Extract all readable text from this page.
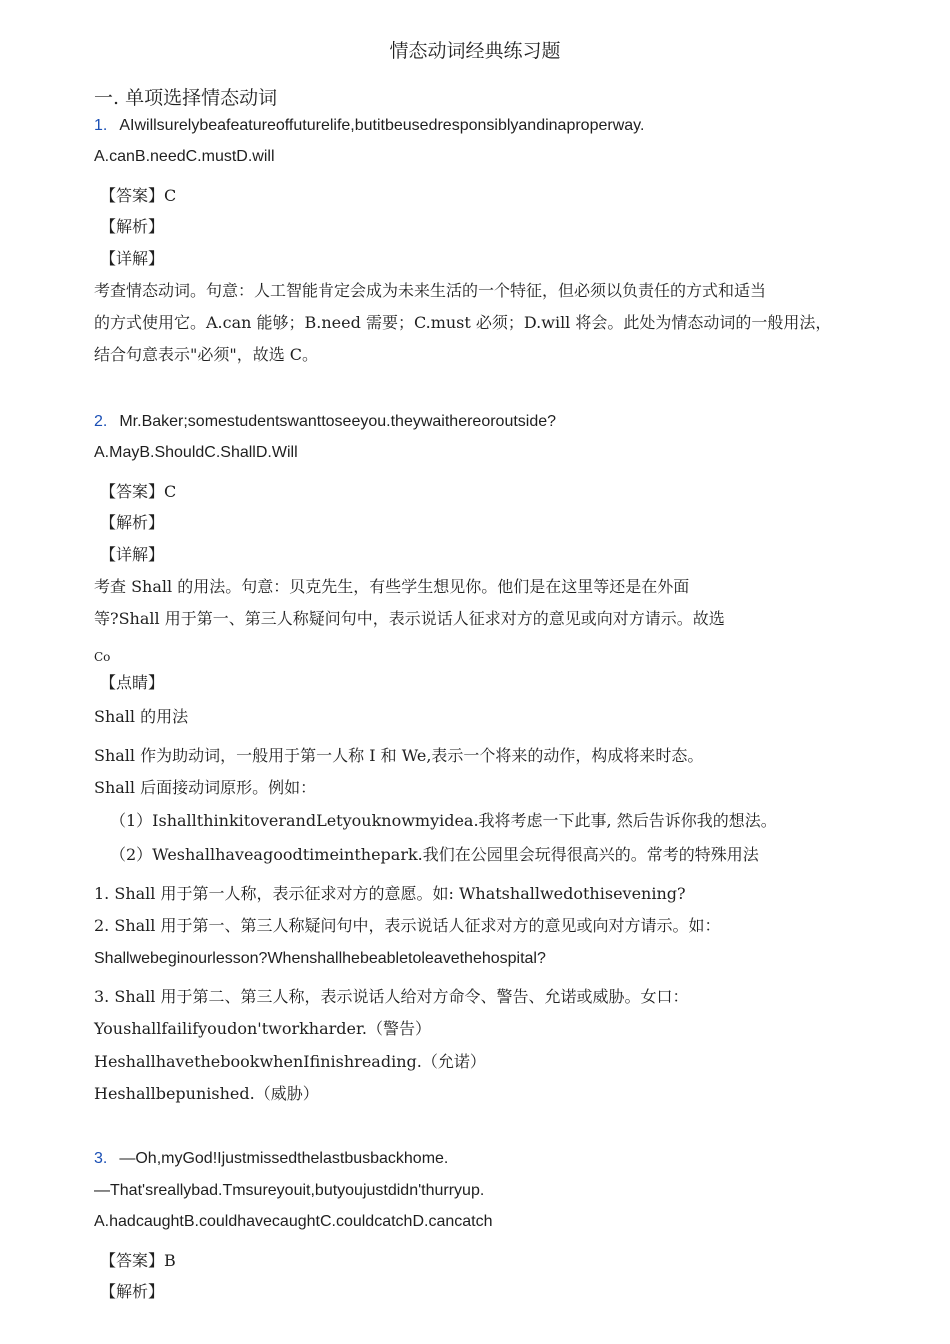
情态动词经典练习题
一. 单项选择情态动词
1. AIwillsurelybeafeatureoffuturelife,butitbeusedresponsiblyandinaproperway.
A.canB.needC.mustD.will
【答案】C
【解析】
【详解】
考查情态动词。句意：人工智能肯定会成为未来生活的一个特征，但必须以负责任的方式和适当
的方式使用它。A.can 能够；B.need 需要；C.must 必须；D.will 将会。此处为情态动词的一般用法，
结合句意表示"必须"，故选 C。
2. Mr.Baker;somestudentswanttoseeyou.theywaithereoroutside?
A.MayB.ShouldC.ShallD.Will
【答案】C
【解析】
【详解】
考查 Shall 的用法。句意：贝克先生，有些学生想见你。他们是在这里等还是在外面
等?Shall 用于第一、第三人称疑问句中，表示说话人征求对方的意见或向对方请示。故选
Co
【点睛】
Shall 的用法
Shall 作为助动词，一般用于第一人称 I 和 We,表示一个将来的动作，构成将来时态。
Shall 后面接动词原形。例如：
（1）IshallthinkitoverandLetyouknowmyidea.我将考虑一下此事, 然后告诉你我的想法。
（2）Weshallhaveagoodtimeinthepark.我们在公园里会玩得很高兴的。常考的特殊用法
1. Shall 用于第一人称，表示征求对方的意愿。如: Whatshallwedothisevening?
2. Shall 用于第一、第三人称疑问句中，表示说话人征求对方的意见或向对方请示。如：
Shallwebeginourlesson?Whenshallhebeabletoleavethehospital?
3. Shall 用于第二、第三人称，表示说话人给对方命令、警告、允诺或威胁。女口：
Youshallfailifyoudon'tworkharder.（警告）
HeshallhavethebookwhenIfinishreading.（允诺）
Heshallbepunished.（威胁）
3. —Oh,myGod!Ijustmissedthelastbusbackhome.
—That'sreallybad.Tmsureyouit,butyoujustdidn'thurryup.
A.hadcaughtB.couldhavecaughtC.couldcatchD.cancatch
【答案】B
【解析】
